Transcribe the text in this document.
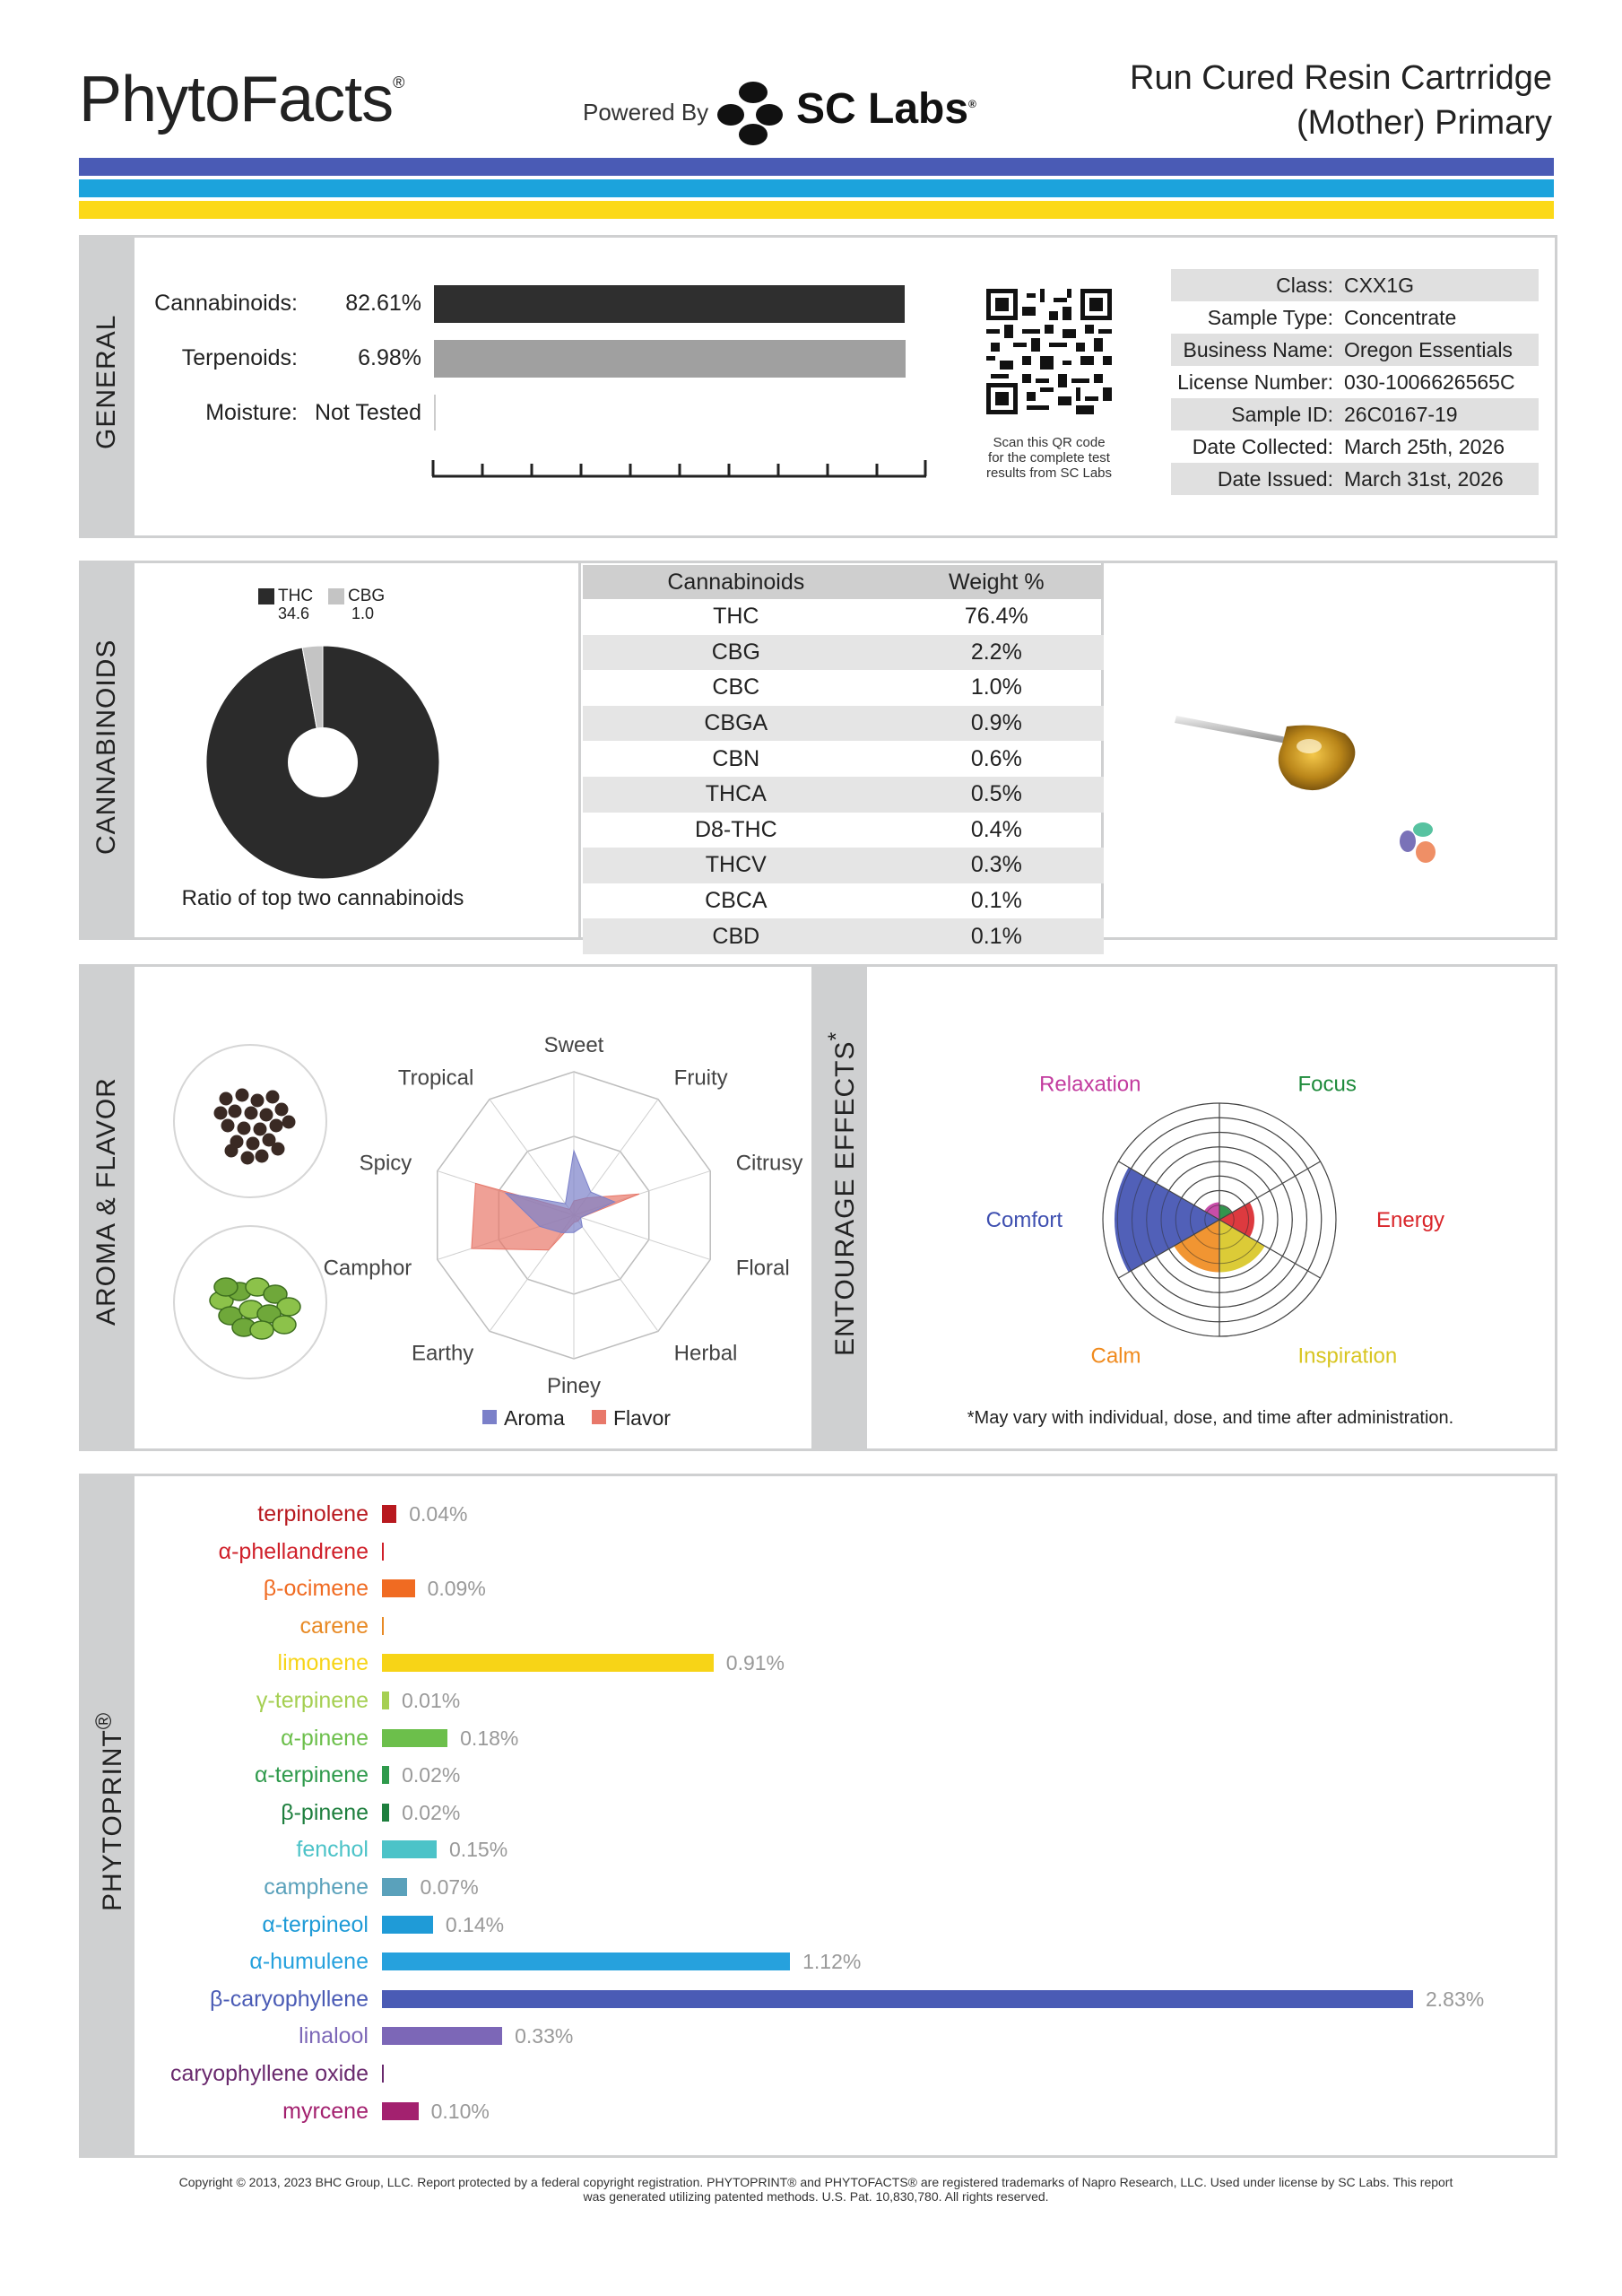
PhytoFacts®
Powered By SC Labs®
Run Cured Resin Cartrridge
(Mother) Primary
GENERAL
Cannabinoids:	82.61%
Terpenoids:	6.98%
Moisture: Not Tested
Scan this QR code
for the complete test
results from SC Labs
Class:	CXX1G
Sample Type:	Concentrate
Business Name:	Oregon Essentials
License Number:	030-1006626565C
Sample ID:	26C0167-19
Date Collected:	March 25th, 2026
Date Issued:	March 31st, 2026
CANNABINOIDS
THC
34.6
CBG
1.0
Ratio of top two cannabinoids
Cannabinoids	Weight %
THC	76.4%
CBG	2.2%
CBC	1.0%
CBGA	0.9%
CBN	0.6%
THCA	0.5%
D8-THC	0.4%
THCV	0.3%
CBCA	0.1%
CBD	0.1%
AROMA & FLAVOR	ENTOURAGE EFFECTS*
Sweet
Fruity
Citrusy
Floral
Herbal
Piney
Earthy
Camphor
Spicy
Tropical
Aroma Flavor
Relaxation	Focus
Energy
Inspiration
Calm
Comfort
*May vary with individual, dose, and time after administration.
PHYTOPRINT®
terpinolene 0.04%
α-phellandrene
β-ocimene	0.09%
carene
limonene	0.91%
γ-terpinene 0.01%
α-pinene	0.18%
α-terpinene 0.02%
β-pinene 0.02%
fenchol	0.15%
camphene 0.07%
α-terpineol	0.14%
α-humulene	1.12%
β-caryophyllene	2.83%
linalool	0.33%
caryophyllene oxide
myrcene	0.10%
Copyright © 2013, 2023 BHC Group, LLC. Report protected by a federal copyright registration. PHYTOPRINT® and PHYTOFACTS® are registered trademarks of Napro Research, LLC. Used under license by SC Labs. This report
was generated utilizing patented methods. U.S. Pat. 10,830,780. All rights reserved.
